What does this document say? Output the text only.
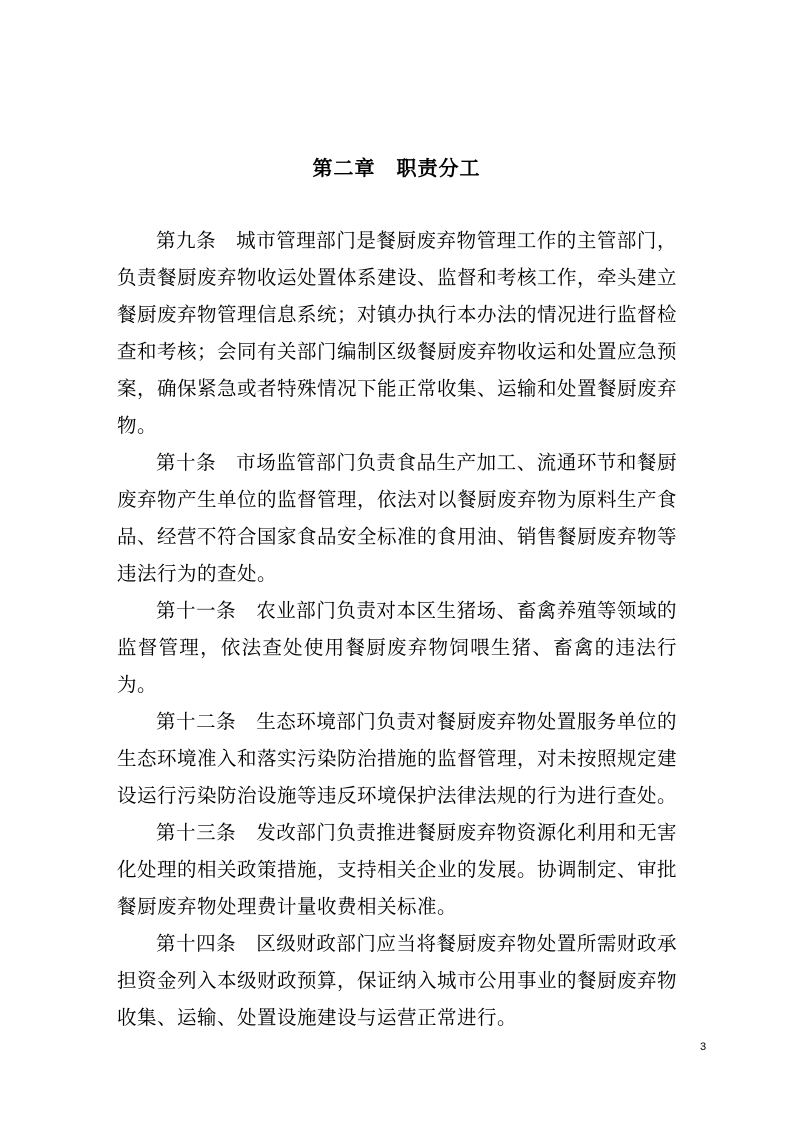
第二章　职责分工

第九条　城市管理部门是餐厨废弃物管理工作的主管部门，负责餐厨废弃物收运处置体系建设、监督和考核工作，牵头建立餐厨废弃物管理信息系统；对镇办执行本办法的情况进行监督检查和考核；会同有关部门编制区级餐厨废弃物收运和处置应急预案，确保紧急或者特殊情况下能正常收集、运输和处置餐厨废弃物。

第十条　市场监管部门负责食品生产加工、流通环节和餐厨废弃物产生单位的监督管理，依法对以餐厨废弃物为原料生产食品、经营不符合国家食品安全标准的食用油、销售餐厨废弃物等违法行为的查处。

第十一条　农业部门负责对本区生猪场、畜禽养殖等领域的监督管理，依法查处使用餐厨废弃物饲喂生猪、畜禽的违法行为。

第十二条　生态环境部门负责对餐厨废弃物处置服务单位的生态环境准入和落实污染防治措施的监督管理，对未按照规定建设运行污染防治设施等违反环境保护法律法规的行为进行查处。

第十三条　发改部门负责推进餐厨废弃物资源化利用和无害化处理的相关政策措施，支持相关企业的发展。协调制定、审批餐厨废弃物处理费计量收费相关标准。

第十四条　区级财政部门应当将餐厨废弃物处置所需财政承担资金列入本级财政预算，保证纳入城市公用事业的餐厨废弃物收集、运输、处置设施建设与运营正常进行。

3
